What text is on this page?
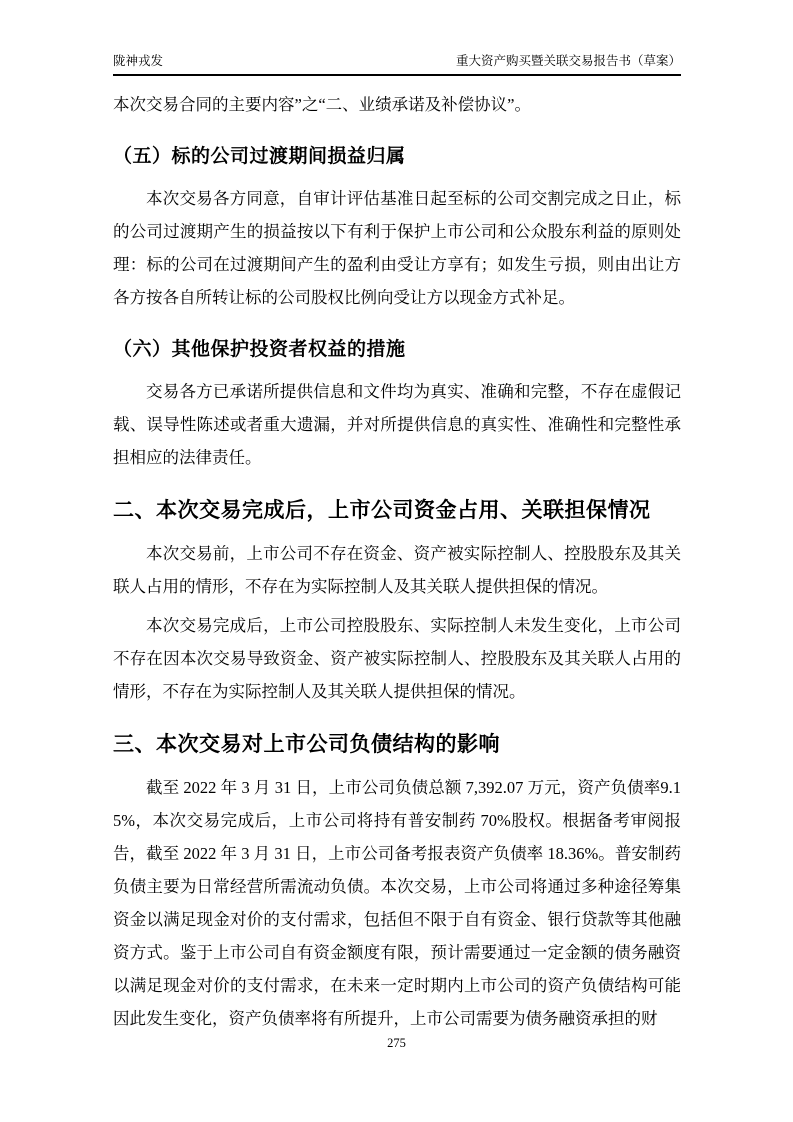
陇神戎发	重大资产购买暨关联交易报告书（草案）

本次交易合同的主要内容”之“二、业绩承诺及补偿协议”。

（五）标的公司过渡期间损益归属

本次交易各方同意，自审计评估基准日起至标的公司交割完成之日止，标的公司过渡期产生的损益按以下有利于保护上市公司和公众股东利益的原则处理：标的公司在过渡期间产生的盈利由受让方享有；如发生亏损，则由出让方各方按各自所转让标的公司股权比例向受让方以现金方式补足。

（六）其他保护投资者权益的措施

交易各方已承诺所提供信息和文件均为真实、准确和完整，不存在虚假记载、误导性陈述或者重大遗漏，并对所提供信息的真实性、准确性和完整性承担相应的法律责任。

二、本次交易完成后，上市公司资金占用、关联担保情况

本次交易前，上市公司不存在资金、资产被实际控制人、控股股东及其关联人占用的情形，不存在为实际控制人及其关联人提供担保的情况。

本次交易完成后，上市公司控股股东、实际控制人未发生变化，上市公司不存在因本次交易导致资金、资产被实际控制人、控股股东及其关联人占用的情形，不存在为实际控制人及其关联人提供担保的情况。

三、本次交易对上市公司负债结构的影响

截至 2022 年 3 月 31 日，上市公司负债总额 7,392.07 万元，资产负债率9.15%，本次交易完成后，上市公司将持有普安制药 70%股权。根据备考审阅报告，截至 2022 年 3 月 31 日，上市公司备考报表资产负债率 18.36%。普安制药负债主要为日常经营所需流动负债。本次交易，上市公司将通过多种途径筹集资金以满足现金对价的支付需求，包括但不限于自有资金、银行贷款等其他融资方式。鉴于上市公司自有资金额度有限，预计需要通过一定金额的债务融资以满足现金对价的支付需求，在未来一定时期内上市公司的资产负债结构可能因此发生变化，资产负债率将有所提升，上市公司需要为债务融资承担的财

275
